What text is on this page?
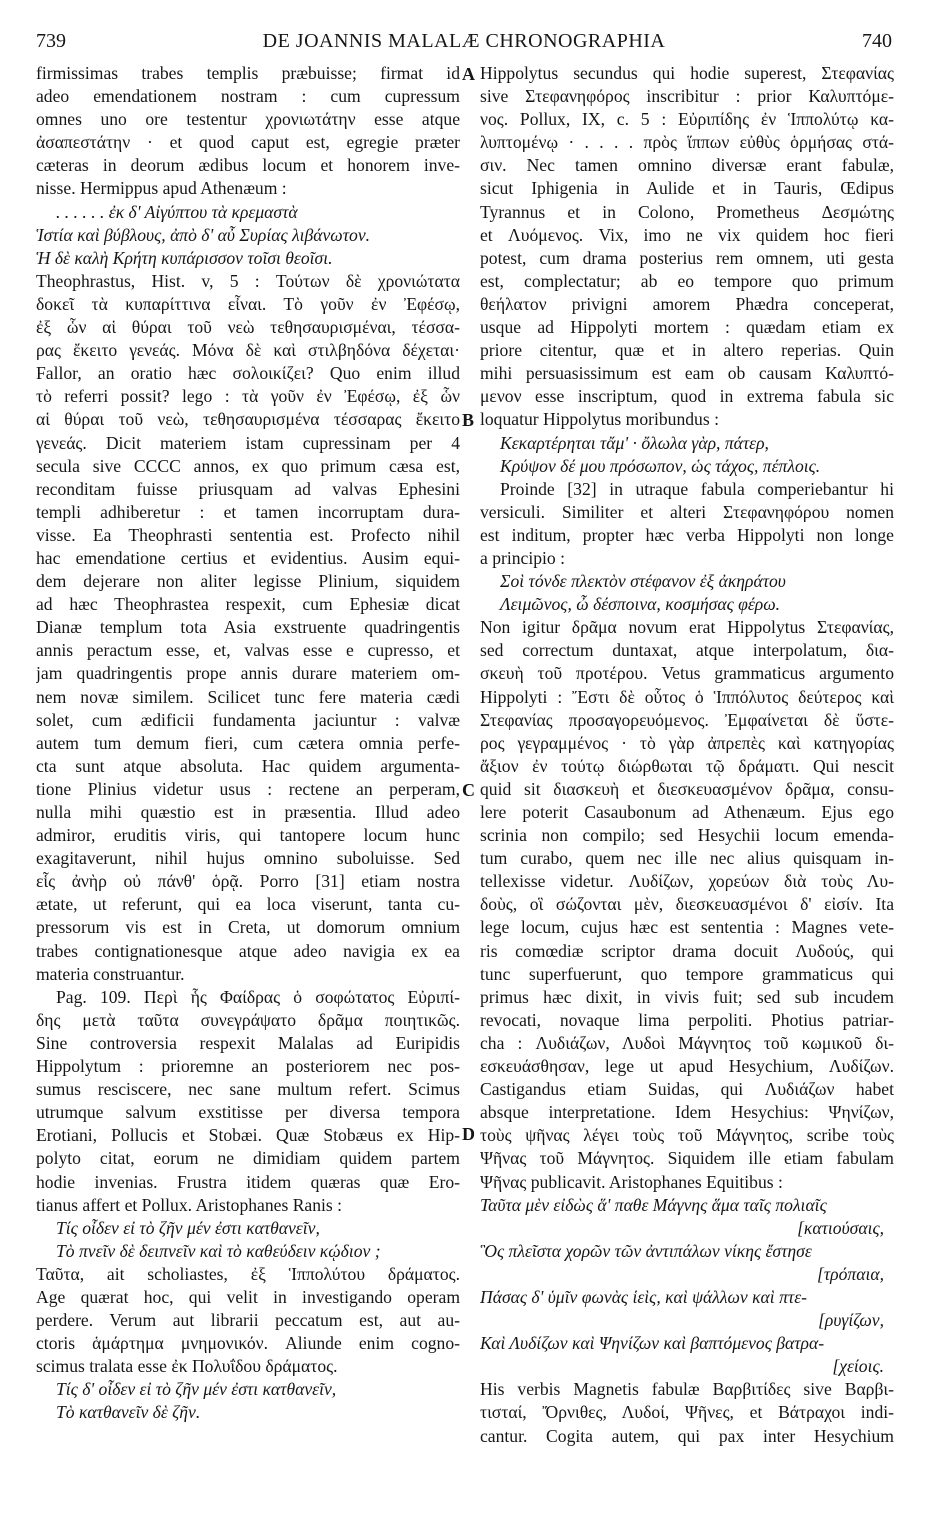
739	DE JOANNIS MALALÆ CHRONOGRAPHIA	740
firmissimas trabes templis præbuisse; firmat id
adeo emendationem nostram : cum cupressum
omnes uno ore testentur χρονιωτάτην esse atque
ἀσαπεστάτην · et quod caput est, egregie præter
cæteras in deorum ædibus locum et honorem inve-
nisse. Hermippus apud Athenæum :
. . . . . . ἐκ δ' Αἰγύπτου τὰ κρεμαστὰ
Ἱστία καὶ βύβλους, ἀπὸ δ' αὖ Συρίας λιβάνωτον.
Ἡ δὲ καλὴ Κρήτη κυπάρισσον τοῖσι θεοῖσι.
Theophrastus, Hist. v, 5 : Τούτων δὲ χρονιώτατα
δοκεῖ τὰ κυπαρίττινα εἶναι. Τὸ γοῦν ἐν Ἐφέσῳ,
ἐξ ὧν αἱ θύραι τοῦ νεὼ τεθησαυρισμέναι, τέσσα-
ρας ἔκειτο γενεάς. Μόνα δὲ καὶ στιλβηδόνα δέχεται·
Fallor, an oratio hæc σολοικίζει? Quo enim illud
τὸ referri possit? lego : τὰ γοῦν ἐν Ἐφέσῳ, ἐξ ὧν
αἱ θύραι τοῦ νεὼ, τεθησαυρισμένα τέσσαρας ἔκειτο
γενεάς. Dicit materiem istam cupressinam per 4
secula sive CCCC annos, ex quo primum cæsa est,
reconditam fuisse priusquam ad valvas Ephesini
templi adhiberetur : et tamen incorruptam dura-
visse. Ea Theophrasti sententia est. Profecto nihil
hac emendatione certius et evidentius. Ausim equi-
dem dejerare non aliter legisse Plinium, siquidem
ad hæc Theophrastea respexit, cum Ephesiæ dicat
Dianæ templum tota Asia exstruente quadringentis
annis peractum esse, et, valvas esse e cupresso, et
jam quadringentis prope annis durare materiem om-
nem novæ similem. Scilicet tunc fere materia cædi
solet, cum ædificii fundamenta jaciuntur : valvæ
autem tum demum fieri, cum cætera omnia perfe-
cta sunt atque absoluta. Hac quidem argumenta-
tione Plinius videtur usus : rectene an perperam,
nulla mihi quæstio est in præsentia. Illud adeo
admiror, eruditis viris, qui tantopere locum hunc
exagitaverunt, nihil hujus omnino suboluisse. Sed
εἷς ἀνὴρ οὐ πάνθ' ὁρᾷ. Porro [31] etiam nostra
ætate, ut referunt, qui ea loca viserunt, tanta cu-
pressorum vis est in Creta, ut domorum omnium
trabes contignationesque atque adeo navigia ex ea
materia construantur.
Pag. 109. Περὶ ἧς Φαίδρας ὁ σοφώτατος Εὐριπί-
δης μετὰ ταῦτα συνεγράψατο δρᾶμα ποιητικῶς.
Sine controversia respexit Malalas ad Euripidis
Hippolytum : prioremne an posteriorem nec pos-
sumus resciscere, nec sane multum refert. Scimus
utrumque salvum exstitisse per diversa tempora
Erotiani, Pollucis et Stobæi. Quæ Stobæus ex Hip-
polyto citat, eorum ne dimidiam quidem partem
hodie invenias. Frustra itidem quæras quæ Ero-
tianus affert et Pollux. Aristophanes Ranis :
Τίς οἶδεν εἰ τὸ ζῆν μέν ἐστι κατθανεῖν,
Τὸ πνεῖν δὲ δειπνεῖν καὶ τὸ καθεύδειν κῴδιον ;
Ταῦτα, ait scholiastes, ἐξ Ἱππολύτου δράματος.
Age quærat hoc, qui velit in investigando operam
perdere. Verum aut librarii peccatum est, aut au-
ctoris ἁμάρτημα μνημονικόν. Aliunde enim cogno-
scimus tralata esse ἐκ Πολυΐδου δράματος.
Τίς δ' οἶδεν εἰ τὸ ζῆν μέν ἐστι κατθανεῖν,
Τὸ κατθανεῖν δὲ ζῆν.
Hippolytus secundus qui hodie superest, Στεφανίας
sive Στεφανηφόρος inscribitur : prior Καλυπτόμε-
νος. Pollux, IX, c. 5 : Εὐριπίδης ἐν Ἱππολύτῳ κα-
λυπτομένῳ · . . . . πρὸς ἵππων εὐθὺς ὁρμήσας στά-
σιν. Nec tamen omnino diversæ erant fabulæ,
sicut Iphigenia in Aulide et in Tauris, Œdipus
Tyrannus et in Colono, Prometheus Δεσμώτης
et Λυόμενος. Vix, imo ne vix quidem hoc fieri
potest, cum drama posterius rem omnem, uti gesta
est, complectatur; ab eo tempore quo primum
θεήλατον privigni amorem Phædra conceperat,
usque ad Hippolyti mortem : quædam etiam ex
priore citentur, quæ et in altero reperias. Quin
mihi persuasissimum est eam ob causam Καλυπτό-
μενον esse inscriptum, quod in extrema fabula sic
loquatur Hippolytus moribundus :
Κεκαρτέρηται τἄμ' · ὄλωλα γὰρ, πάτερ,
Κρύψον δέ μου πρόσωπον, ὡς τάχος, πέπλοις.
Proinde [32] in utraque fabula comperiebantur hi
versiculi. Similiter et alteri Στεφανηφόρου nomen
est inditum, propter hæc verba Hippolyti non longe
a principio :
Σοὶ τόνδε πλεκτὸν στέφανον ἐξ ἀκηράτου
Λειμῶνος, ὦ δέσποινα, κοσμήσας φέρω.
Non igitur δρᾶμα novum erat Hippolytus Στεφανίας,
sed correctum duntaxat, atque interpolatum, δια-
σκευὴ τοῦ προτέρου. Vetus grammaticus argumento
Hippolyti : Ἔστι δὲ οὗτος ὁ Ἱππόλυτος δεύτερος καὶ
Στεφανίας προσαγορευόμενος. Ἐμφαίνεται δὲ ὕστε-
ρος γεγραμμένος · τὸ γὰρ ἀπρεπὲς καὶ κατηγορίας
ἄξιον ἐν τούτῳ διώρθωται τῷ δράματι. Qui nescit
quid sit διασκευὴ et διεσκευασμένον δρᾶμα, consu-
lere poterit Casaubonum ad Athenæum. Ejus ego
scrinia non compilo; sed Hesychii locum emenda-
tum curabo, quem nec ille nec alius quisquam in-
tellexisse videtur. Λυδίζων, χορεύων διὰ τοὺς Λυ-
δοὺς, οἳ σώζονται μὲν, διεσκευασμένοι δ' εἰσίν. Ita
lege locum, cujus hæc est sententia : Magnes vete-
ris comœdiæ scriptor drama docuit Λυδούς, qui
tunc superfuerunt, quo tempore grammaticus qui
primus hæc dixit, in vivis fuit; sed sub incudem
revocati, novaque lima perpoliti. Photius patriar-
cha : Λυδιάζων, Λυδοὶ Μάγνητος τοῦ κωμικοῦ δι-
εσκευάσθησαν, lege ut apud Hesychium, Λυδίζων.
Castigandus etiam Suidas, qui Λυδιάζων habet
absque interpretatione. Idem Hesychius: Ψηνίζων,
τοὺς ψῆνας λέγει τοὺς τοῦ Μάγνητος, scribe τοὺς
Ψῆνας τοῦ Μάγνητος. Siquidem ille etiam fabulam
Ψῆνας publicavit. Aristophanes Equitibus :
Ταῦτα μὲν εἰδὼς ἅ' παθε Μάγνης ἅμα ταῖς πολιαῖς
[κατιούσαις,
Ὃς πλεῖστα χορῶν τῶν ἀντιπάλων νίκης ἔστησε
[τρόπαια,
Πάσας δ' ὑμῖν φωνὰς ἱεὶς, καὶ ψάλλων καὶ πτε-
[ρυγίζων,
Καὶ Λυδίζων καὶ Ψηνίζων καὶ βαπτόμενος βατρα-
[χείοις.
His verbis Magnetis fabulæ Βαρβιτίδες sive Βαρβι-
τισταί, Ὄρνιθες, Λυδοί, Ψῆνες, et Βάτραχοι indi-
cantur. Cogita autem, qui pax inter Hesychium
A
B
C
D
